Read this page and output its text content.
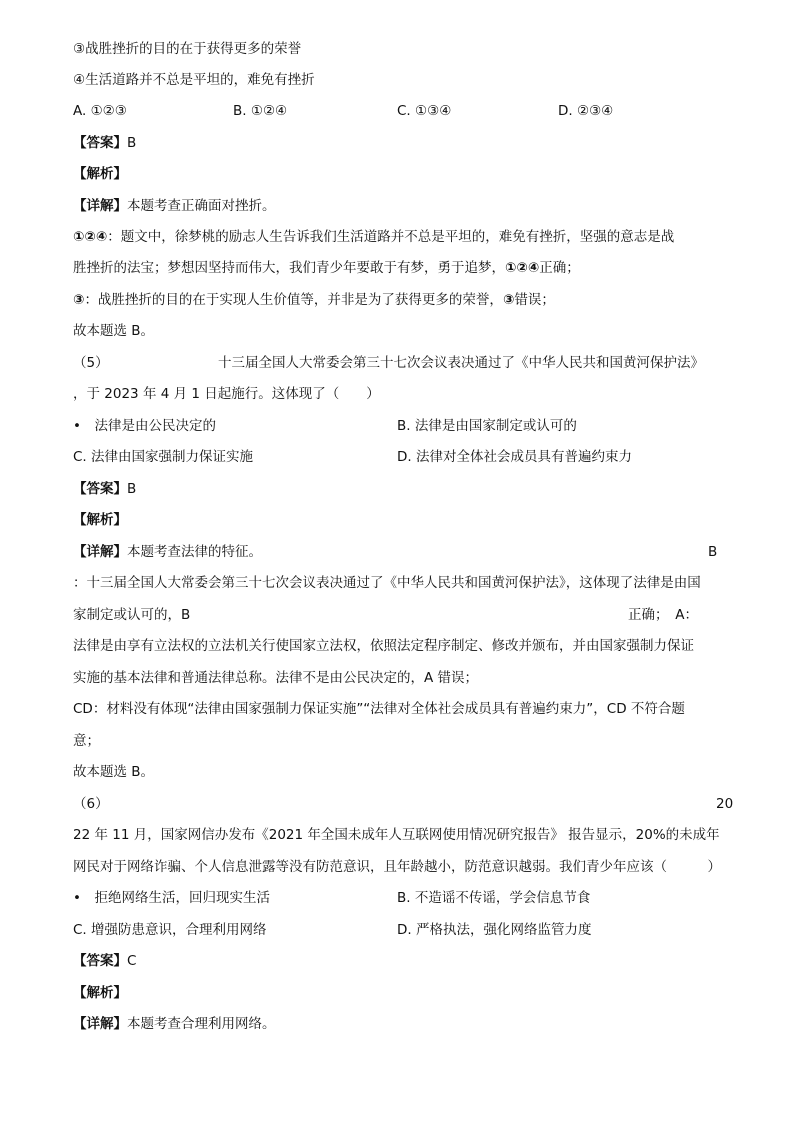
③战胜挫折的目的在于获得更多的荣誉
④生活道路并不总是平坦的，难免有挫折
A. ①②③	B. ①②④	C. ①③④	D. ②③④
【答案】B
【解析】
【详解】本题考查正确面对挫折。
①②④：题文中，徐梦桃的励志人生告诉我们生活道路并不总是平坦的，难免有挫折，坚强的意志是战
胜挫折的法宝；梦想因坚持而伟大，我们青少年要敢于有梦，勇于追梦，①②④正确；
③：战胜挫折的目的在于实现人生价值等，并非是为了获得更多的荣誉，③错误；
故本题选 B。
（5）	十三届全国人大常委会第三十七次会议表决通过了《中华人民共和国黄河保护法》
，于 2023 年 4 月 1 日起施行。这体现了（　　）
•　法律是由公民决定的	B. 法律是由国家制定或认可的
C. 法律由国家强制力保证实施	D. 法律对全体社会成员具有普遍约束力
【答案】B
【解析】
【详解】本题考查法律的特征。	B
：十三届全国人大常委会第三十七次会议表决通过了《中华人民共和国黄河保护法》，这体现了法律是由国
家制定或认可的，B	正确；　A：
法律是由享有立法权的立法机关行使国家立法权，依照法定程序制定、修改并颁布，并由国家强制力保证
实施的基本法律和普通法律总称。法律不是由公民决定的，A 错误；
CD：材料没有体现“法律由国家强制力保证实施”“法律对全体社会成员具有普遍约束力”，CD 不符合题
意；
故本题选 B。
（6）	20
22 年 11 月，国家网信办发布《2021 年全国未成年人互联网使用情况研究报告》 报告显示，20%的未成年
网民对于网络诈骗、个人信息泄露等没有防范意识，且年龄越小，防范意识越弱。我们青少年应该（　　　）
•　拒绝网络生活，回归现实生活	B. 不造谣不传谣，学会信息节食
C. 增强防患意识，合理利用网络	D. 严格执法，强化网络监管力度
【答案】C
【解析】
【详解】本题考查合理利用网络。
